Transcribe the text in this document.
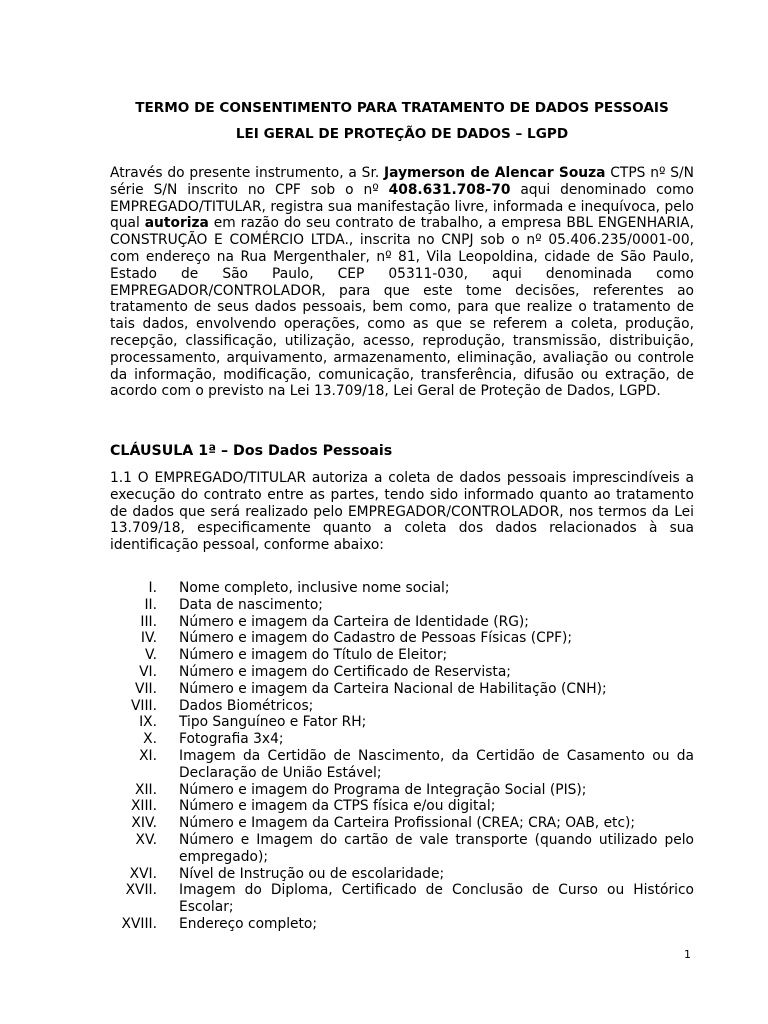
TERMO DE CONSENTIMENTO PARA TRATAMENTO DE DADOS PESSOAIS
LEI GERAL DE PROTEÇÃO DE DADOS – LGPD

Através do presente instrumento, a Sr. Jaymerson de Alencar Souza CTPS nº S/N série S/N inscrito no CPF sob o nº 408.631.708-70 aqui denominado como EMPREGADO/TITULAR, registra sua manifestação livre, informada e inequívoca, pelo qual autoriza em razão do seu contrato de trabalho, a empresa BBL ENGENHARIA, CONSTRUÇÃO E COMÉRCIO LTDA., inscrita no CNPJ sob o nº 05.406.235/0001-00, com endereço na Rua Mergenthaler, nº 81, Vila Leopoldina, cidade de São Paulo, Estado de São Paulo, CEP 05311-030, aqui denominada como EMPREGADOR/CONTROLADOR, para que este tome decisões, referentes ao tratamento de seus dados pessoais, bem como, para que realize o tratamento de tais dados, envolvendo operações, como as que se referem a coleta, produção, recepção, classificação, utilização, acesso, reprodução, transmissão, distribuição, processamento, arquivamento, armazenamento, eliminação, avaliação ou controle da informação, modificação, comunicação, transferência, difusão ou extração, de acordo com o previsto na Lei 13.709/18, Lei Geral de Proteção de Dados, LGPD.

CLÁUSULA 1ª – Dos Dados Pessoais

1.1 O EMPREGADO/TITULAR autoriza a coleta de dados pessoais imprescindíveis a execução do contrato entre as partes, tendo sido informado quanto ao tratamento de dados que será realizado pelo EMPREGADOR/CONTROLADOR, nos termos da Lei 13.709/18, especificamente quanto a coleta dos dados relacionados à sua identificação pessoal, conforme abaixo:

I. Nome completo, inclusive nome social;
II. Data de nascimento;
III. Número e imagem da Carteira de Identidade (RG);
IV. Número e imagem do Cadastro de Pessoas Físicas (CPF);
V. Número e imagem do Título de Eleitor;
VI. Número e imagem do Certificado de Reservista;
VII. Número e imagem da Carteira Nacional de Habilitação (CNH);
VIII. Dados Biométricos;
IX. Tipo Sanguíneo e Fator RH;
X. Fotografia 3x4;
XI. Imagem da Certidão de Nascimento, da Certidão de Casamento ou da Declaração de União Estável;
XII. Número e imagem do Programa de Integração Social (PIS);
XIII. Número e imagem da CTPS física e/ou digital;
XIV. Número e Imagem da Carteira Profissional (CREA; CRA; OAB, etc);
XV. Número e Imagem do cartão de vale transporte (quando utilizado pelo empregado);
XVI. Nível de Instrução ou de escolaridade;
XVII. Imagem do Diploma, Certificado de Conclusão de Curso ou Histórico Escolar;
XVIII. Endereço completo;
1
